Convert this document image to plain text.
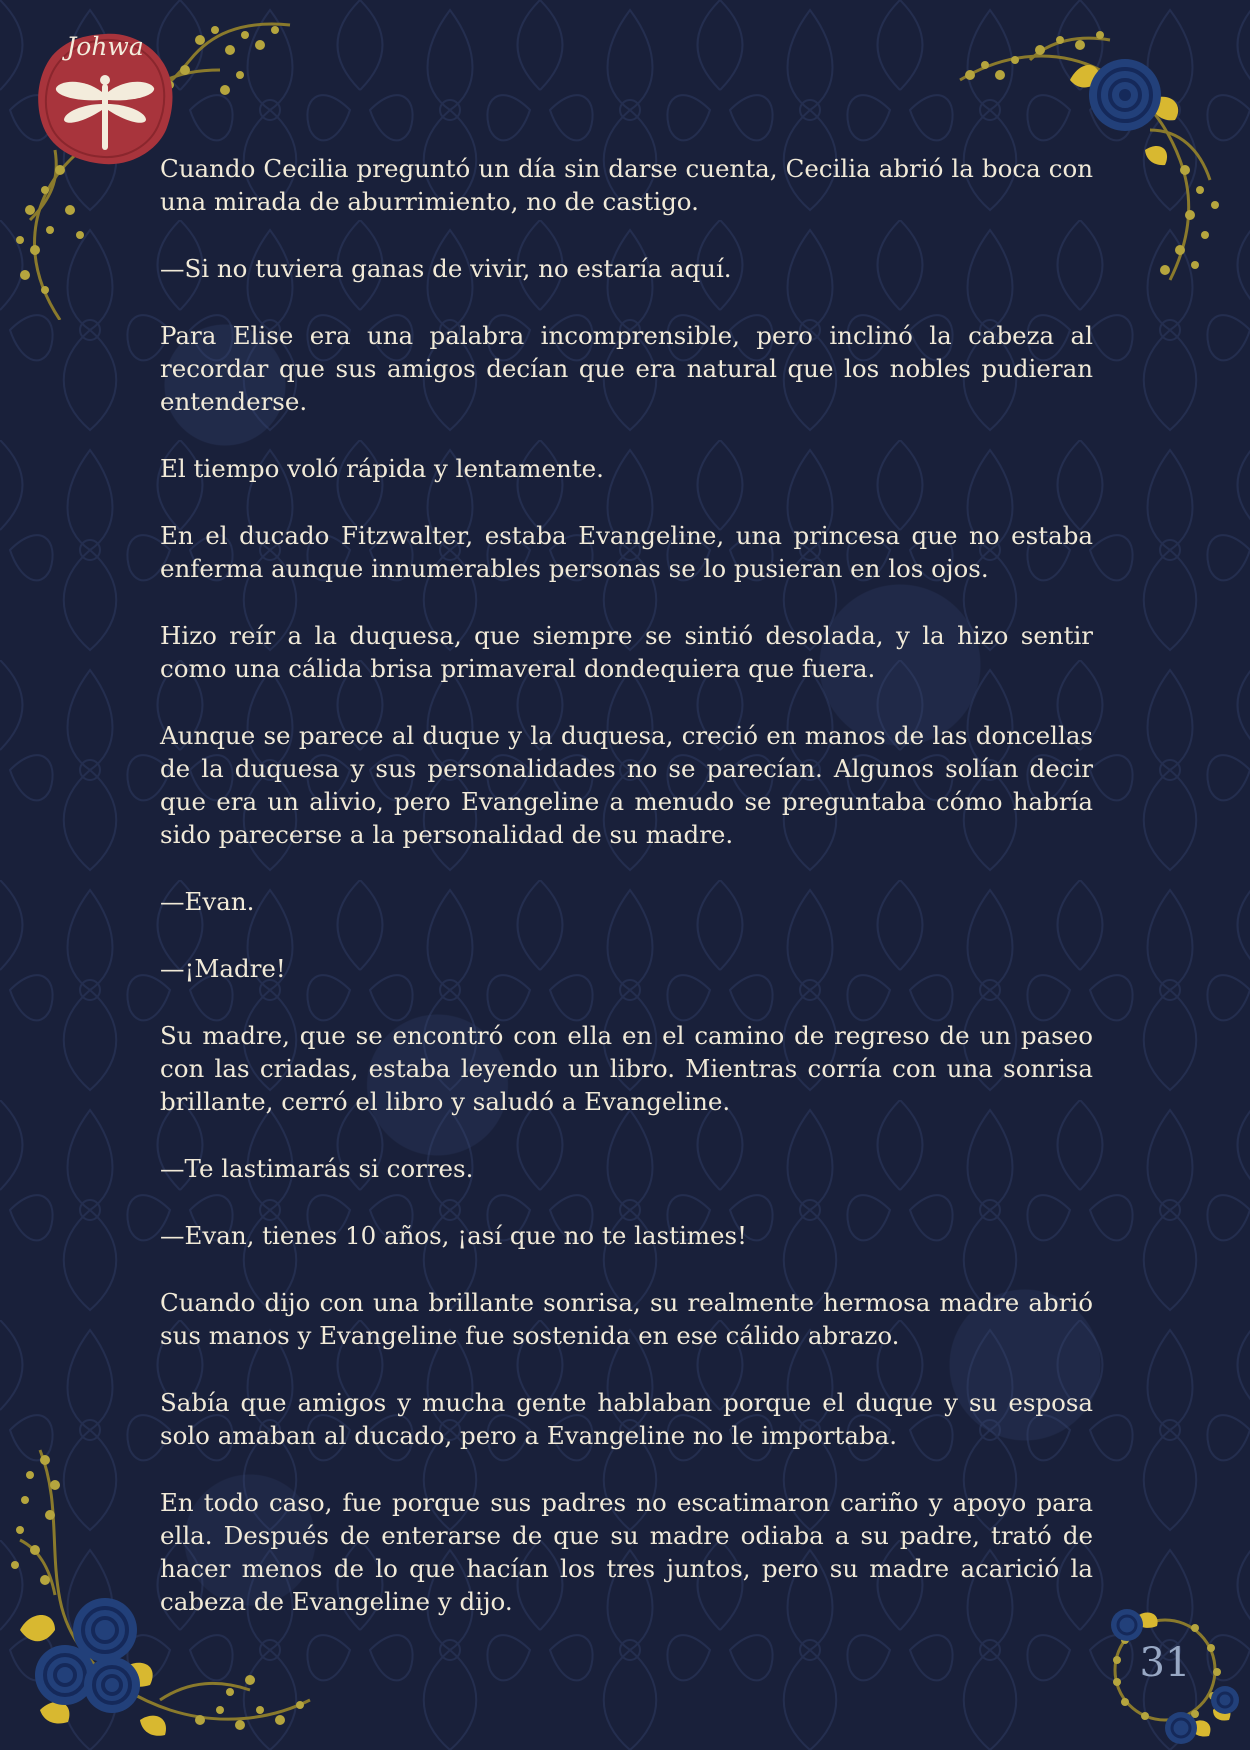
Johwa
31

Cuando Cecilia preguntó un día sin darse cuenta, Cecilia abrió la boca con una mirada de aburrimiento, no de castigo.

—Si no tuviera ganas de vivir, no estaría aquí.

Para Elise era una palabra incomprensible, pero inclinó la cabeza al recordar que sus amigos decían que era natural que los nobles pudieran entenderse.

El tiempo voló rápida y lentamente.

En el ducado Fitzwalter, estaba Evangeline, una princesa que no estaba enferma aunque innumerables personas se lo pusieran en los ojos.

Hizo reír a la duquesa, que siempre se sintió desolada, y la hizo sentir como una cálida brisa primaveral dondequiera que fuera.

Aunque se parece al duque y la duquesa, creció en manos de las doncellas de la duquesa y sus personalidades no se parecían. Algunos solían decir que era un alivio, pero Evangeline a menudo se preguntaba cómo habría sido parecerse a la personalidad de su madre.

—Evan.

—¡Madre!

Su madre, que se encontró con ella en el camino de regreso de un paseo con las criadas, estaba leyendo un libro. Mientras corría con una sonrisa brillante, cerró el libro y saludó a Evangeline.

—Te lastimarás si corres.

—Evan, tienes 10 años, ¡así que no te lastimes!

Cuando dijo con una brillante sonrisa, su realmente hermosa madre abrió sus manos y Evangeline fue sostenida en ese cálido abrazo.

Sabía que amigos y mucha gente hablaban porque el duque y su esposa solo amaban al ducado, pero a Evangeline no le importaba.

En todo caso, fue porque sus padres no escatimaron cariño y apoyo para ella. Después de enterarse de que su madre odiaba a su padre, trató de hacer menos de lo que hacían los tres juntos, pero su madre acarició la cabeza de Evangeline y dijo.
